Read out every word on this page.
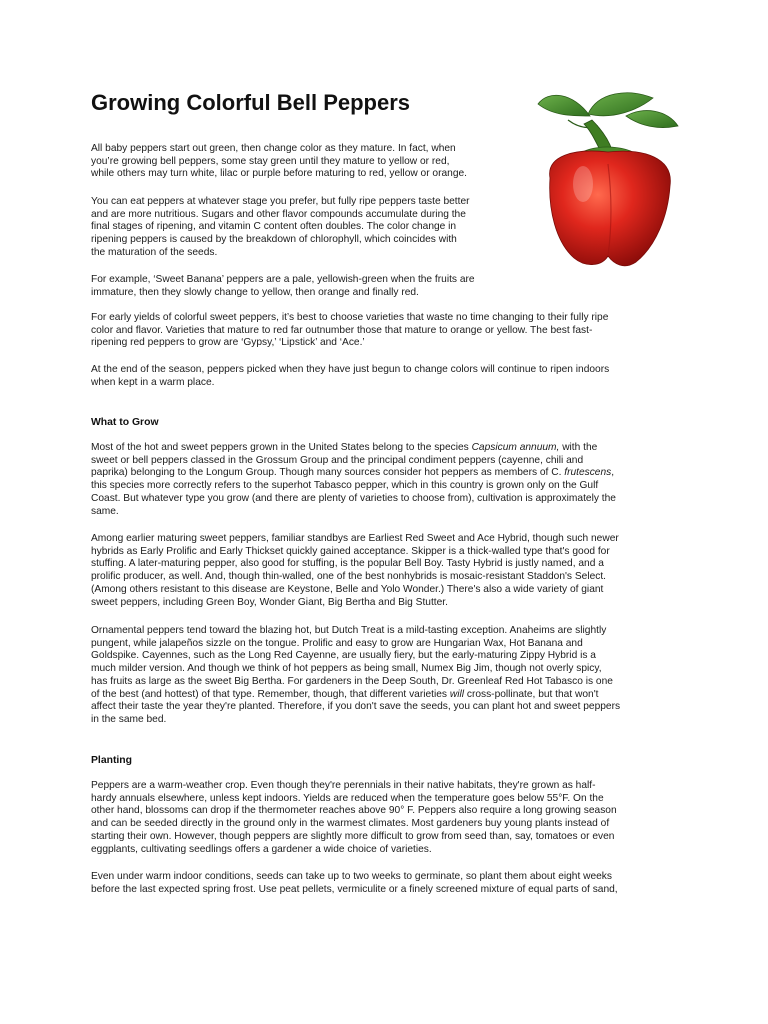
Growing Colorful Bell Peppers
All baby peppers start out green, then change color as they mature. In fact, when
you’re growing bell peppers, some stay green until they mature to yellow or red,
while others may turn white, lilac or purple before maturing to red, yellow or orange.
You can eat peppers at whatever stage you prefer, but fully ripe peppers taste better
and are more nutritious. Sugars and other flavor compounds accumulate during the
final stages of ripening, and vitamin C content often doubles. The color change in
ripening peppers is caused by the breakdown of chlorophyll, which coincides with
the maturation of the seeds.
For example, ‘Sweet Banana’ peppers are a pale, yellowish-green when the fruits are
immature, then they slowly change to yellow, then orange and finally red.
For early yields of colorful sweet peppers, it’s best to choose varieties that waste no time changing to their fully ripe
color and flavor. Varieties that mature to red far outnumber those that mature to orange or yellow. The best fast-
ripening red peppers to grow are ‘Gypsy,’ ‘Lipstick’ and ‘Ace.’
At the end of the season, peppers picked when they have just begun to change colors will continue to ripen indoors
when kept in a warm place.
What to Grow
Most of the hot and sweet peppers grown in the United States belong to the species Capsicum annuum, with the
sweet or bell peppers classed in the Grossum Group and the principal condiment peppers (cayenne, chili and
paprika) belonging to the Longum Group. Though many sources consider hot peppers as members of C. frutescens,
this species more correctly refers to the superhot Tabasco pepper, which in this country is grown only on the Gulf
Coast. But whatever type you grow (and there are plenty of varieties to choose from), cultivation is approximately the
same.
Among earlier maturing sweet peppers, familiar standbys are Earliest Red Sweet and Ace Hybrid, though such newer
hybrids as Early Prolific and Early Thickset quickly gained acceptance. Skipper is a thick-walled type that's good for
stuffing. A later-maturing pepper, also good for stuffing, is the popular Bell Boy. Tasty Hybrid is justly named, and a
prolific producer, as well. And, though thin-walled, one of the best nonhybrids is mosaic-resistant Staddon's Select.
(Among others resistant to this disease are Keystone, Belle and Yolo Wonder.) There's also a wide variety of giant
sweet peppers, including Green Boy, Wonder Giant, Big Bertha and Big Stutter.
Ornamental peppers tend toward the blazing hot, but Dutch Treat is a mild-tasting exception. Anaheims are slightly
pungent, while jalapeños sizzle on the tongue. Prolific and easy to grow are Hungarian Wax, Hot Banana and
Goldspike. Cayennes, such as the Long Red Cayenne, are usually fiery, but the early-maturing Zippy Hybrid is a
much milder version. And though we think of hot peppers as being small, Numex Big Jim, though not overly spicy,
has fruits as large as the sweet Big Bertha. For gardeners in the Deep South, Dr. Greenleaf Red Hot Tabasco is one
of the best (and hottest) of that type. Remember, though, that different varieties will cross-pollinate, but that won't
affect their taste the year they're planted. Therefore, if you don't save the seeds, you can plant hot and sweet peppers
in the same bed.
Planting
Peppers are a warm-weather crop. Even though they're perennials in their native habitats, they're grown as half-
hardy annuals elsewhere, unless kept indoors. Yields are reduced when the temperature goes below 55°F. On the
other hand, blossoms can drop if the thermometer reaches above 90° F. Peppers also require a long growing season
and can be seeded directly in the ground only in the warmest climates. Most gardeners buy young plants instead of
starting their own. However, though peppers are slightly more difficult to grow from seed than, say, tomatoes or even
eggplants, cultivating seedlings offers a gardener a wide choice of varieties.
Even under warm indoor conditions, seeds can take up to two weeks to germinate, so plant them about eight weeks
before the last expected spring frost. Use peat pellets, vermiculite or a finely screened mixture of equal parts of sand,
